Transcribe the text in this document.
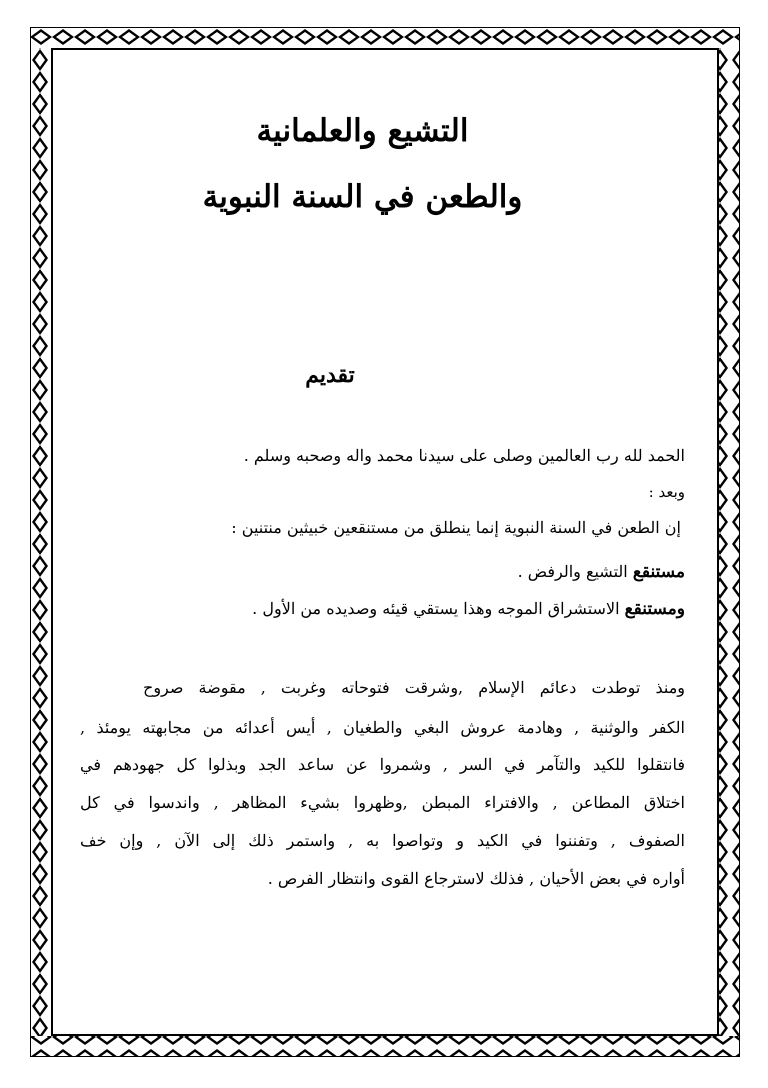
التشيع والعلمانية
والطعن في السنة النبوية
تقديم
الحمد لله رب العالمين وصلى على سيدنا محمد واله وصحبه وسلم .
وبعد :
إن الطعن في السنة النبوية إنما ينطلق من مستنقعين خبيثين منتنين :
مستنقع التشيع والرفض .
ومستنقع الاستشراق الموجه وهذا يستقي قيئه وصديده من الأول .
ومنذ توطدت دعائم الإسلام ,وشرقت فتوحاته وغربت , مقوضة صروح
الكفر والوثنية , وهادمة عروش البغي والطغيان , أيس أعدائه من مجابهته يومئذ ,
فانتقلوا للكيد والتآمر في السر , وشمروا عن ساعد الجد وبذلوا كل جهودهم في
اختلاق المطاعن , والافتراء المبطن ,وظهروا بشيء المظاهر , واندسوا في كل
الصفوف , وتفننوا في الكيد و وتواصوا به , واستمر ذلك إلى الآن , وإن خف
أواره في بعض الأحيان , فذلك لاسترجاع القوى وانتظار الفرص .
